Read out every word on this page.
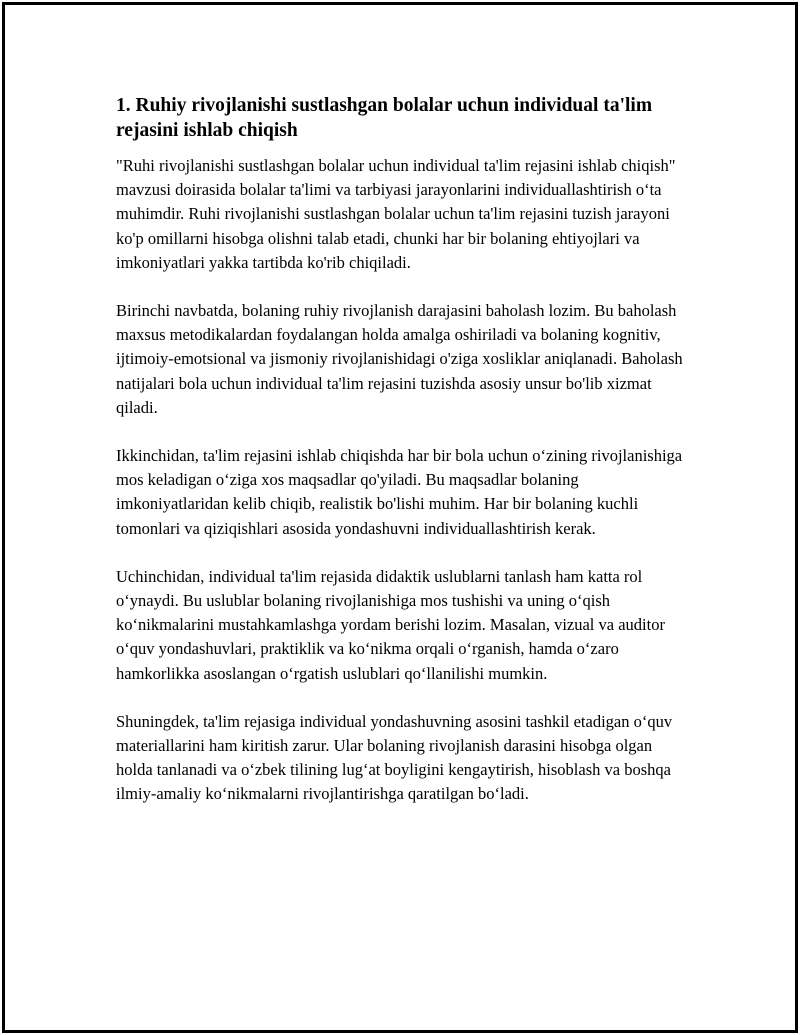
1. Ruhiy rivojlanishi sustlashgan bolalar uchun individual ta'lim rejasini ishlab chiqish

"Ruhi rivojlanishi sustlashgan bolalar uchun individual ta'lim rejasini ishlab chiqish" mavzusi doirasida bolalar ta'limi va tarbiyasi jarayonlarini individuallashtirish o‘ta muhimdir. Ruhi rivojlanishi sustlashgan bolalar uchun ta'lim rejasini tuzish jarayoni ko'p omillarni hisobga olishni talab etadi, chunki har bir bolaning ehtiyojlari va imkoniyatlari yakka tartibda ko'rib chiqiladi.

Birinchi navbatda, bolaning ruhiy rivojlanish darajasini baholash lozim. Bu baholash maxsus metodikalardan foydalangan holda amalga oshiriladi va bolaning kognitiv, ijtimoiy-emotsional va jismoniy rivojlanishidagi o'ziga xosliklar aniqlanadi. Baholash natijalari bola uchun individual ta'lim rejasini tuzishda asosiy unsur bo'lib xizmat qiladi.

Ikkinchidan, ta'lim rejasini ishlab chiqishda har bir bola uchun o‘zining rivojlanishiga mos keladigan o‘ziga xos maqsadlar qo'yiladi. Bu maqsadlar bolaning imkoniyatlaridan kelib chiqib, realistik bo'lishi muhim. Har bir bolaning kuchli tomonlari va qiziqishlari asosida yondashuvni individuallashtirish kerak.

Uchinchidan, individual ta'lim rejasida didaktik uslublarni tanlash ham katta rol o‘ynaydi. Bu uslublar bolaning rivojlanishiga mos tushishi va uning o‘qish ko‘nikmalarini mustahkamlashga yordam berishi lozim. Masalan, vizual va auditor o‘quv yondashuvlari, praktiklik va ko‘nikma orqali o‘rganish, hamda o‘zaro hamkorlikka asoslangan o‘rgatish uslublari qo‘llanilishi mumkin.

Shuningdek, ta'lim rejasiga individual yondashuvning asosini tashkil etadigan o‘quv materiallarini ham kiritish zarur. Ular bolaning rivojlanish darasini hisobga olgan holda tanlanadi va o‘zbek tilining lug‘at boyligini kengaytirish, hisoblash va boshqa ilmiy-amaliy ko‘nikmalarni rivojlantirishga qaratilgan bo‘ladi.
